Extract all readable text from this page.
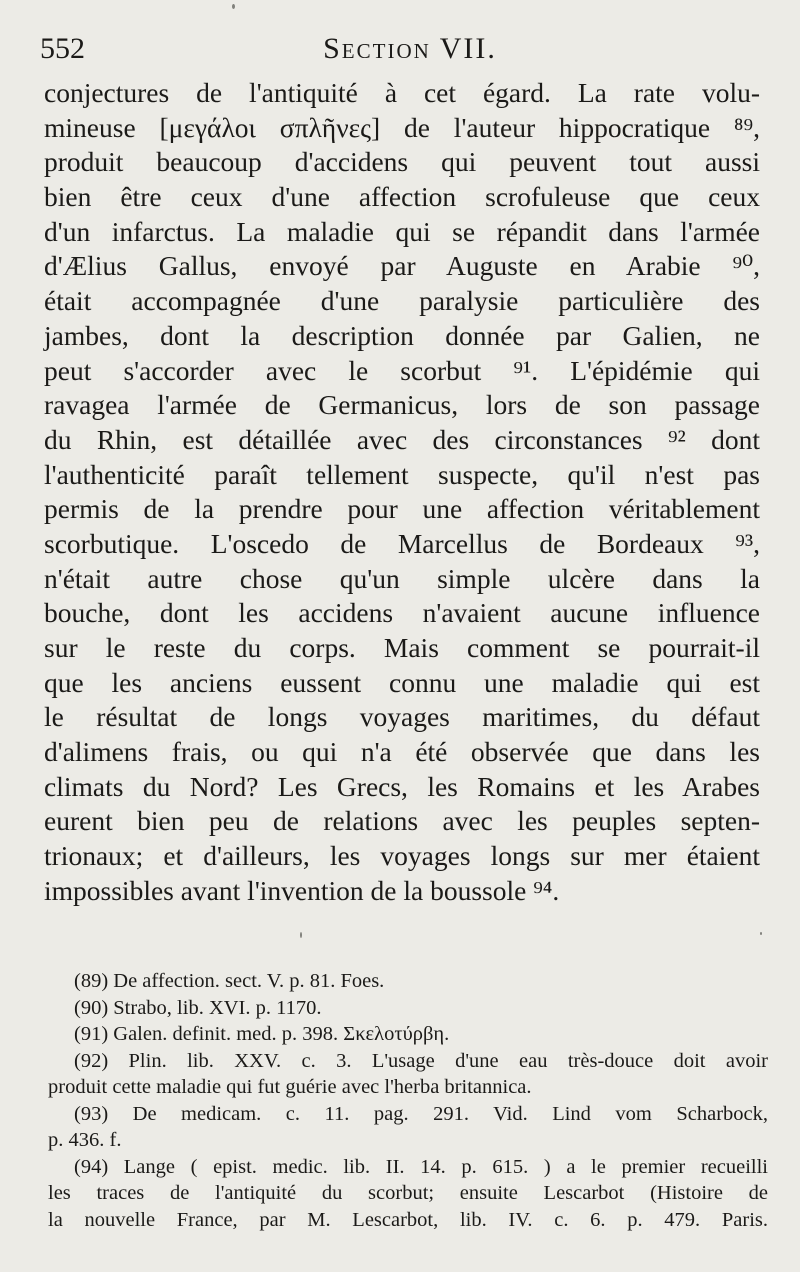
552	Section VII.
conjectures de l'antiquité à cet égard. La rate volu-
mineuse [μεγάλοι σπλῆνες] de l'auteur hippocratique ⁸⁹,
produit beaucoup d'accidens qui peuvent tout aussi
bien être ceux d'une affection scrofuleuse que ceux
d'un infarctus. La maladie qui se répandit dans l'armée
d'Ælius Gallus, envoyé par Auguste en Arabie ⁹⁰,
était accompagnée d'une paralysie particulière des
jambes, dont la description donnée par Galien, ne
peut s'accorder avec le scorbut ⁹¹. L'épidémie qui
ravagea l'armée de Germanicus, lors de son passage
du Rhin, est détaillée avec des circonstances ⁹² dont
l'authenticité paraît tellement suspecte, qu'il n'est pas
permis de la prendre pour une affection véritablement
scorbutique. L'oscedo de Marcellus de Bordeaux ⁹³,
n'était autre chose qu'un simple ulcère dans la
bouche, dont les accidens n'avaient aucune influence
sur le reste du corps. Mais comment se pourrait-il
que les anciens eussent connu une maladie qui est
le résultat de longs voyages maritimes, du défaut
d'alimens frais, ou qui n'a été observée que dans les
climats du Nord? Les Grecs, les Romains et les Arabes
eurent bien peu de relations avec les peuples septen-
trionaux; et d'ailleurs, les voyages longs sur mer étaient
impossibles avant l'invention de la boussole ⁹⁴.
(89) De affection. sect. V. p. 81. Foes.
(90) Strabo, lib. XVI. p. 1170.
(91) Galen. definit. med. p. 398. Σκελοτύρβη.
(92) Plin. lib. XXV. c. 3. L'usage d'une eau très-douce doit avoir
produit cette maladie qui fut guérie avec l'herba britannica.
(93) De medicam. c. 11. pag. 291. Vid. Lind vom Scharbock,
p. 436. f.
(94) Lange ( epist. medic. lib. II. 14. p. 615. ) a le premier recueilli
les traces de l'antiquité du scorbut; ensuite Lescarbot (Histoire de
la nouvelle France, par M. Lescarbot, lib. IV. c. 6. p. 479. Paris.
